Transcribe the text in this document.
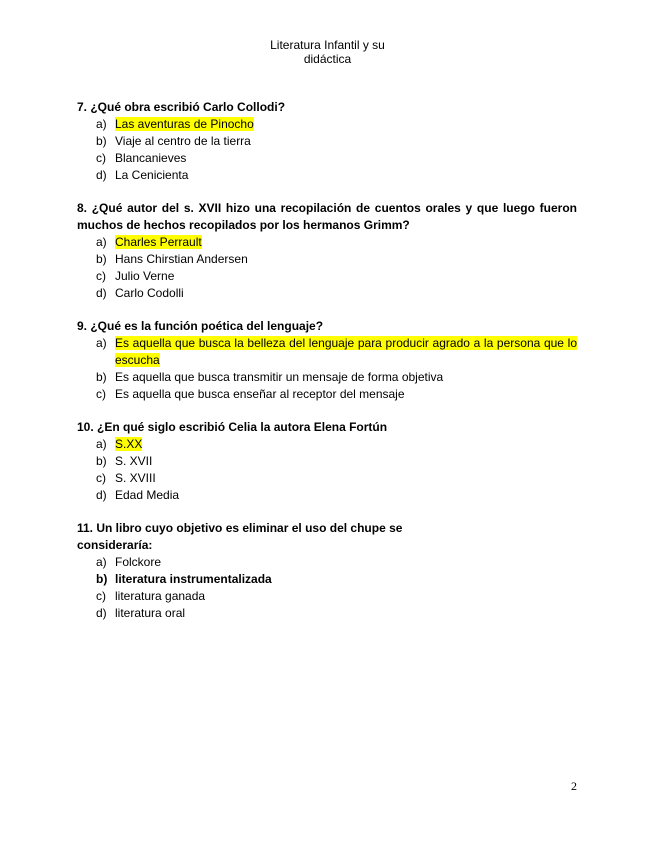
Literatura Infantil y su
didáctica
7. ¿Qué obra escribió Carlo Collodi?
a) Las aventuras de Pinocho
b) Viaje al centro de la tierra
c) Blancanieves
d) La Cenicienta
8. ¿Qué autor del s. XVII hizo una recopilación de cuentos orales y que luego fueron muchos de hechos recopilados por los hermanos Grimm?
a) Charles Perrault
b) Hans Chirstian Andersen
c) Julio Verne
d) Carlo Codolli
9. ¿Qué es la función poética del lenguaje?
a) Es aquella que busca la belleza del lenguaje para producir agrado a la persona que lo escucha
b) Es aquella que busca transmitir un mensaje de forma objetiva
c) Es aquella que busca enseñar al receptor del mensaje
10. ¿En qué siglo escribió Celia la autora Elena Fortún
a) S.XX
b) S. XVII
c) S. XVIII
d) Edad Media
11. Un libro cuyo objetivo es eliminar el uso del chupe se consideraría:
a) Folckore
b) literatura instrumentalizada
c) literatura ganada
d) literatura oral
2
